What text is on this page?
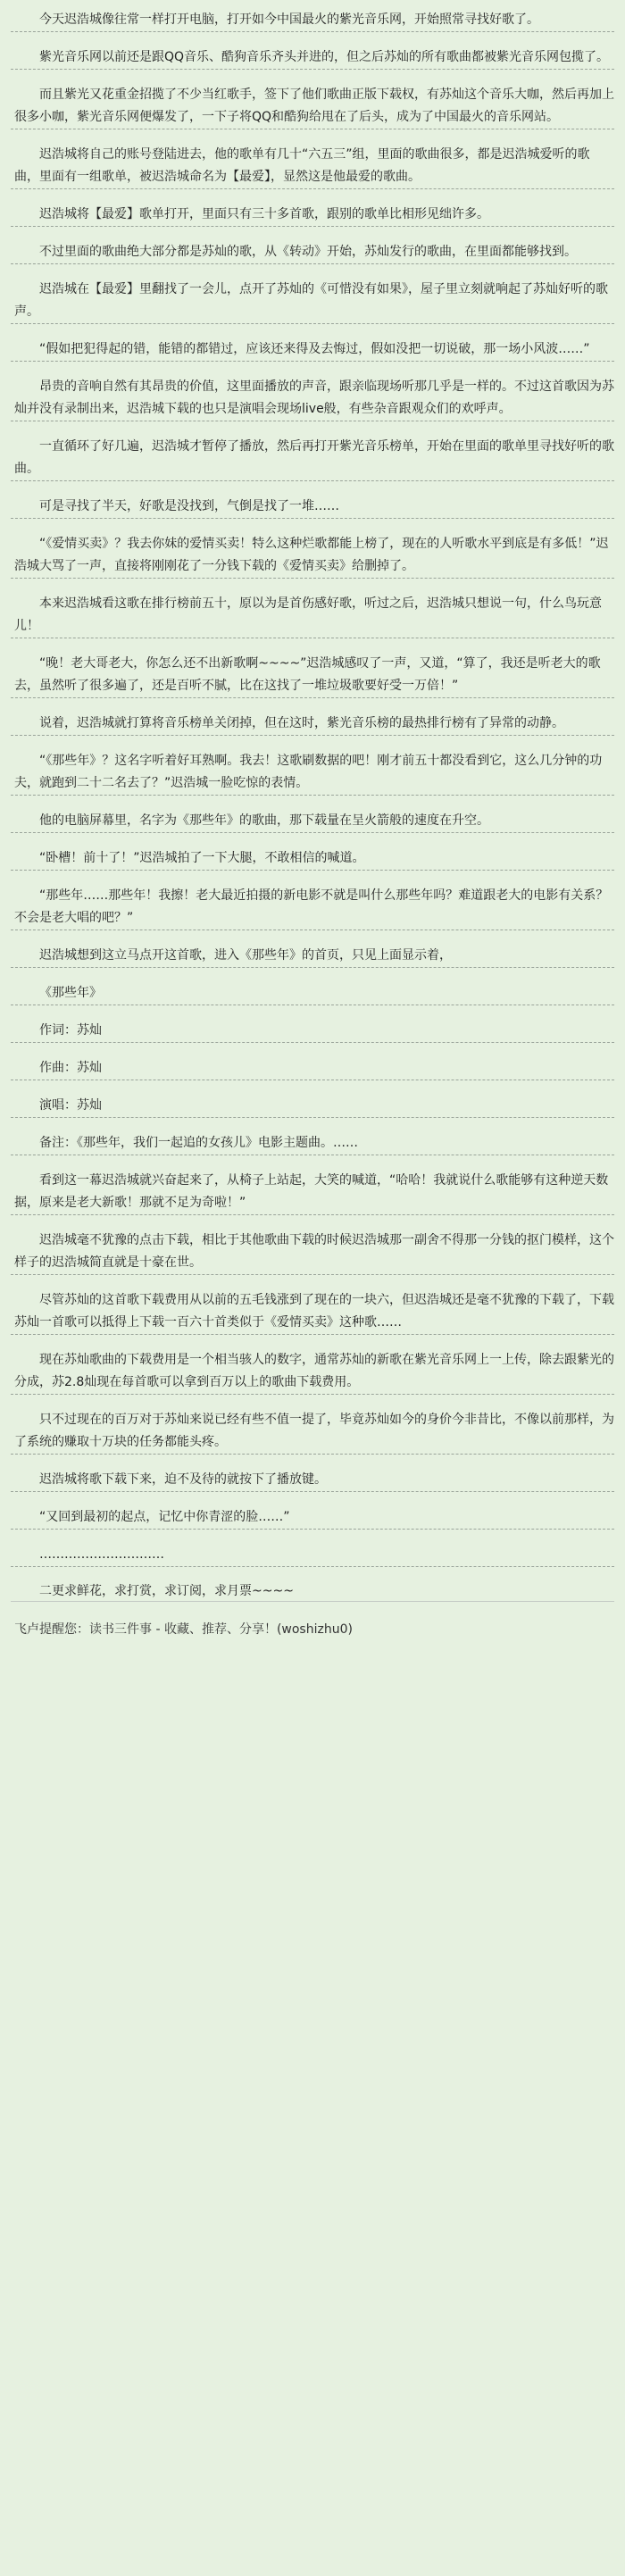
今天迟浩城像往常一样打开电脑，打开如今中国最火的紫光音乐网，开始照常寻找好歌了。
紫光音乐网以前还是跟QQ音乐、酷狗音乐齐头并进的，但之后苏灿的所有歌曲都被紫光音乐网包揽了。
而且紫光又花重金招揽了不少当红歌手，签下了他们歌曲正版下载权，有苏灿这个音乐大咖，然后再加上很多小咖，紫光音乐网便爆发了，一下子将QQ和酷狗给甩在了后头，成为了中国最火的音乐网站。
迟浩城将自己的账号登陆进去，他的歌单有几十“六五三”组，里面的歌曲很多，都是迟浩城爱听的歌曲，里面有一组歌单，被迟浩城命名为【最爱】，显然这是他最爱的歌曲。
迟浩城将【最爱】歌单打开，里面只有三十多首歌，跟别的歌单比相形见绌许多。
不过里面的歌曲绝大部分都是苏灿的歌，从《转动》开始，苏灿发行的歌曲，在里面都能够找到。
迟浩城在【最爱】里翻找了一会儿，点开了苏灿的《可惜没有如果》，屋子里立刻就响起了苏灿好听的歌声。
“假如把犯得起的错，能错的都错过，应该还来得及去悔过，假如没把一切说破，那一场小风波……”
昂贵的音响自然有其昂贵的价值，这里面播放的声音，跟亲临现场听那几乎是一样的。不过这首歌因为苏灿并没有录制出来，迟浩城下载的也只是演唱会现场live般，有些杂音跟观众们的欢呼声。
一直循环了好几遍，迟浩城才暂停了播放，然后再打开紫光音乐榜单，开始在里面的歌单里寻找好听的歌曲。
可是寻找了半天，好歌是没找到，气倒是找了一堆……
“《爱情买卖》？我去你妹的爱情买卖！特么这种烂歌都能上榜了，现在的人听歌水平到底是有多低！”迟浩城大骂了一声，直接将刚刚花了一分钱下载的《爱情买卖》给删掉了。
本来迟浩城看这歌在排行榜前五十，原以为是首伤感好歌，听过之后，迟浩城只想说一句，什么鸟玩意儿！
“晚！老大哥老大，你怎么还不出新歌啊~~~~”迟浩城感叹了一声，又道，“算了，我还是听老大的歌去，虽然听了很多遍了，还是百听不腻，比在这找了一堆垃圾歌要好受一万倍！”
说着，迟浩城就打算将音乐榜单关闭掉，但在这时，紫光音乐榜的最热排行榜有了异常的动静。
“《那些年》？这名字听着好耳熟啊。我去！这歌刷数据的吧！刚才前五十都没看到它，这么几分钟的功夫，就跑到二十二名去了？”迟浩城一脸吃惊的表情。
他的电脑屏幕里，名字为《那些年》的歌曲，那下载量在呈火箭般的速度在升空。
“卧槽！前十了！”迟浩城拍了一下大腿，不敢相信的喊道。
“那些年……那些年！我擦！老大最近拍摄的新电影不就是叫什么那些年吗？难道跟老大的电影有关系？不会是老大唱的吧？”
迟浩城想到这立马点开这首歌，进入《那些年》的首页，只见上面显示着，
《那些年》
作词：苏灿
作曲：苏灿
演唱：苏灿
备注：《那些年，我们一起追的女孩儿》电影主题曲。……
看到这一幕迟浩城就兴奋起来了，从椅子上站起，大笑的喊道，“哈哈！我就说什么歌能够有这种逆天数据，原来是老大新歌！那就不足为奇啦！”
迟浩城毫不犹豫的点击下载，相比于其他歌曲下载的时候迟浩城那一副舍不得那一分钱的抠门模样，这个样子的迟浩城简直就是十豪在世。
尽管苏灿的这首歌下载费用从以前的五毛钱涨到了现在的一块六，但迟浩城还是毫不犹豫的下载了，下载苏灿一首歌可以抵得上下载一百六十首类似于《爱情买卖》这种歌……
现在苏灿歌曲的下载费用是一个相当骇人的数字，通常苏灿的新歌在紫光音乐网上一上传，除去跟紫光的分成，苏2.8灿现在每首歌可以拿到百万以上的歌曲下载费用。
只不过现在的百万对于苏灿来说已经有些不值一提了，毕竟苏灿如今的身价今非昔比，不像以前那样，为了系统的赚取十万块的任务都能头疼。
迟浩城将歌下载下来，迫不及待的就按下了播放键。
“又回到最初的起点，记忆中你青涩的脸……”
…………………………
二更求鲜花，求打赏，求订阅，求月票~~~~
飞卢提醒您：读书三件事 - 收藏、推荐、分享！(woshizhu0)
